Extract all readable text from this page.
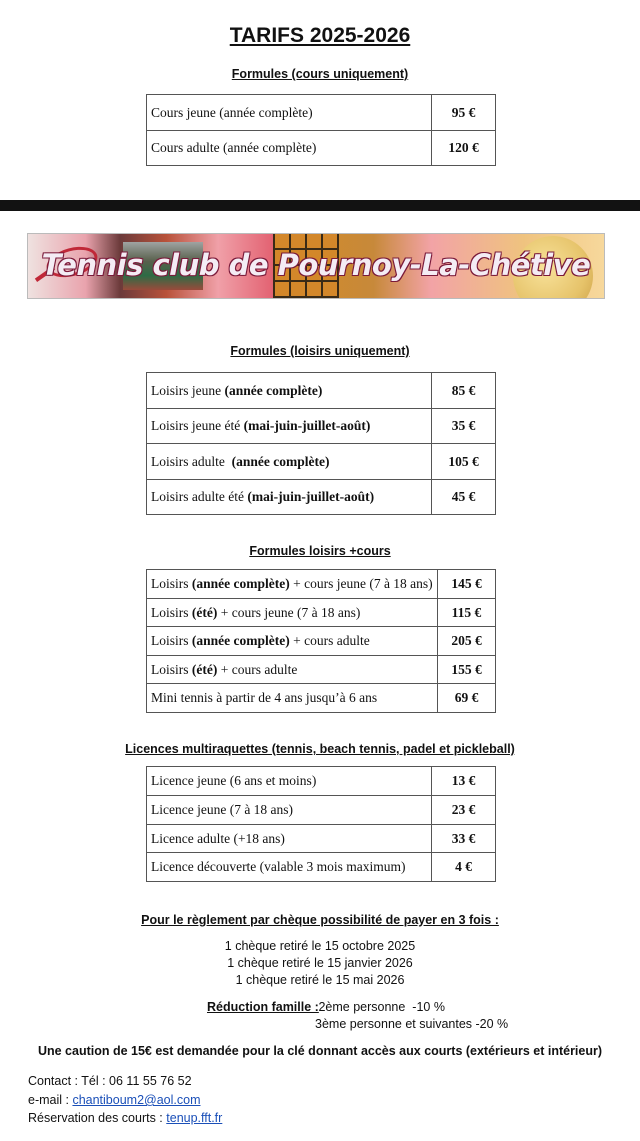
TARIFS 2025-2026
Formules (cours uniquement)
Cours jeune (année complète)	95 €
Cours adulte (année complète)	120 €
Tennis club de Pournoy-La-Chétive
Formules (loisirs uniquement)
Loisirs jeune (année complète)	85 €
Loisirs jeune été (mai-juin-juillet-août)	35 €
Loisirs adulte  (année complète)	105 €
Loisirs adulte été (mai-juin-juillet-août)	45 €
Formules loisirs +cours
Loisirs (année complète) + cours jeune (7 à 18 ans)	145 €
Loisirs (été) + cours jeune (7 à 18 ans)	115 €
Loisirs (année complète) + cours adulte	205 €
Loisirs (été) + cours adulte	155 €
Mini tennis à partir de 4 ans jusqu’à 6 ans	69 €
Licences multiraquettes (tennis, beach tennis, padel et pickleball)
Licence jeune (6 ans et moins)	13 €
Licence jeune (7 à 18 ans)	23 €
Licence adulte (+18 ans)	33 €
Licence découverte (valable 3 mois maximum)	4 €
Pour le règlement par chèque possibilité de payer en 3 fois :
1 chèque retiré le 15 octobre 2025
1 chèque retiré le 15 janvier 2026
1 chèque retiré le 15 mai 2026
Réduction famille :
2ème personne  -10 %
3ème personne et suivantes -20 %
Une caution de 15€ est demandée pour la clé donnant accès aux courts (extérieurs et intérieur)
Contact : Tél : 06 11 55 76 52
e-mail : chantiboum2@aol.com
Réservation des courts : tenup.fft.fr
